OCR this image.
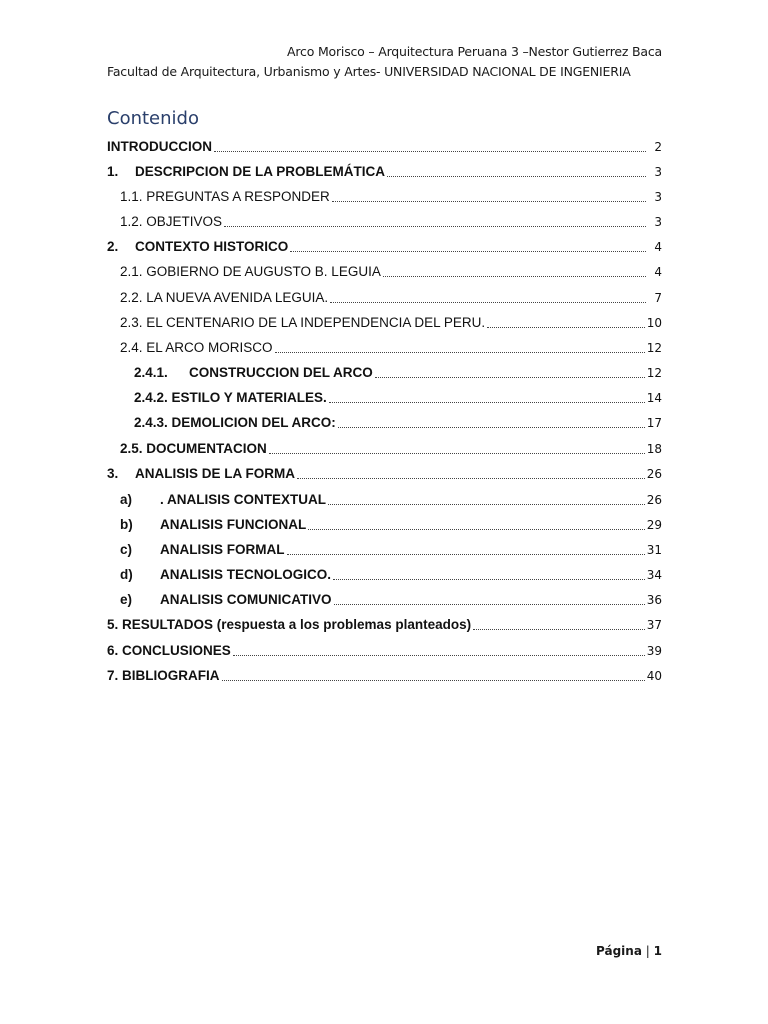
Arco Morisco – Arquitectura Peruana 3 –Nestor Gutierrez Baca
Facultad de Arquitectura, Urbanismo y Artes- UNIVERSIDAD NACIONAL DE INGENIERIA
Contenido
INTRODUCCION	2
1.	DESCRIPCION DE LA PROBLEMÁTICA	3
1.1. PREGUNTAS A RESPONDER	3
1.2. OBJETIVOS	3
2.	CONTEXTO HISTORICO	4
2.1. GOBIERNO DE AUGUSTO B. LEGUIA	4
2.2. LA NUEVA AVENIDA LEGUIA.	7
2.3. EL CENTENARIO DE LA INDEPENDENCIA DEL PERU.	10
2.4. EL ARCO MORISCO	12
2.4.1.	CONSTRUCCION DEL ARCO	12
2.4.2. ESTILO Y MATERIALES.	14
2.4.3. DEMOLICION DEL ARCO:	17
2.5. DOCUMENTACION	18
3.	ANALISIS DE LA FORMA	26
a)	. ANALISIS CONTEXTUAL	26
b)	ANALISIS FUNCIONAL	29
c)	ANALISIS FORMAL	31
d)	ANALISIS TECNOLOGICO.	34
e)	ANALISIS COMUNICATIVO	36
5. RESULTADOS (respuesta a los problemas planteados)	37
6. CONCLUSIONES	39
7. BIBLIOGRAFIA	40
Página | 1
